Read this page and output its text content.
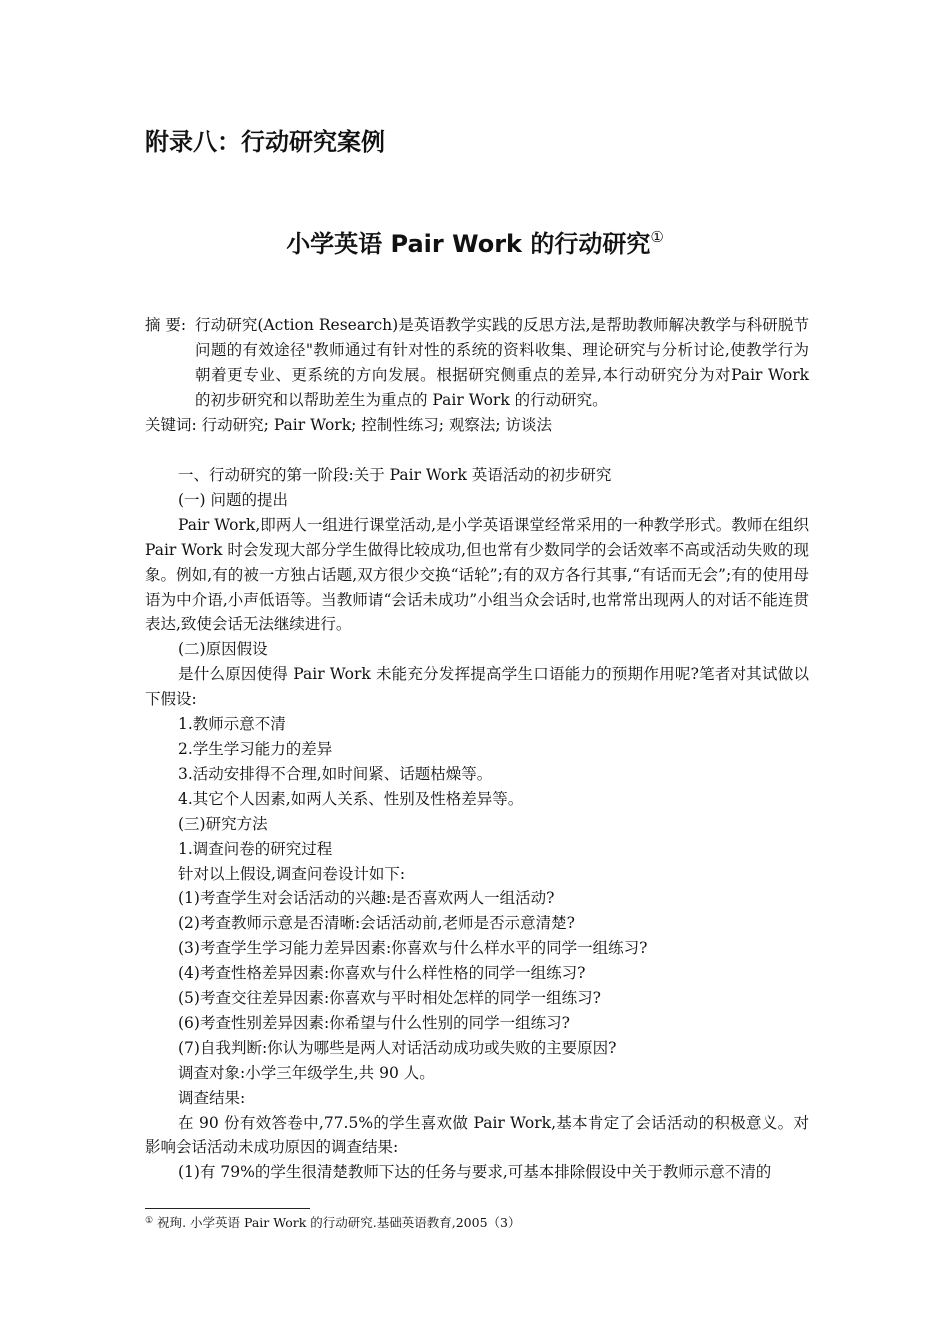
附录八：行动研究案例
小学英语 Pair Work 的行动研究①
摘 要: 行动研究(Action Research)是英语教学实践的反思方法,是帮助教师解决教学与科研脱节问题的有效途径"教师通过有针对性的系统的资料收集、理论研究与分析讨论,使教学行为朝着更专业、更系统的方向发展。根据研究侧重点的差异,本行动研究分为对Pair Work 的初步研究和以帮助差生为重点的 Pair Work 的行动研究。
关键词: 行动研究; Pair Work; 控制性练习; 观察法; 访谈法

一、行动研究的第一阶段:关于 Pair Work 英语活动的初步研究

(一) 问题的提出

Pair Work,即两人一组进行课堂活动,是小学英语课堂经常采用的一种教学形式。教师在组织 Pair Work 时会发现大部分学生做得比较成功,但也常有少数同学的会话效率不高或活动失败的现象。例如,有的被一方独占话题,双方很少交换“话轮”;有的双方各行其事,“有话而无会”;有的使用母语为中介语,小声低语等。当教师请“会话未成功”小组当众会话时,也常常出现两人的对话不能连贯表达,致使会话无法继续进行。

(二)原因假设

是什么原因使得 Pair Work 未能充分发挥提高学生口语能力的预期作用呢?笔者对其试做以下假设:

1.教师示意不清

2.学生学习能力的差异

3.活动安排得不合理,如时间紧、话题枯燥等。

4.其它个人因素,如两人关系、性别及性格差异等。

(三)研究方法

1.调查问卷的研究过程

针对以上假设,调查问卷设计如下:

(1)考查学生对会话活动的兴趣:是否喜欢两人一组活动?

(2)考查教师示意是否清晰:会话活动前,老师是否示意清楚?

(3)考查学生学习能力差异因素:你喜欢与什么样水平的同学一组练习?

(4)考查性格差异因素:你喜欢与什么样性格的同学一组练习?

(5)考查交往差异因素:你喜欢与平时相处怎样的同学一组练习?

(6)考查性别差异因素:你希望与什么性别的同学一组练习?

(7)自我判断:你认为哪些是两人对话活动成功或失败的主要原因?

调查对象:小学三年级学生,共 90 人。

调查结果:

在 90 份有效答卷中,77.5%的学生喜欢做 Pair Work,基本肯定了会话活动的积极意义。对影响会话活动未成功原因的调查结果:

(1)有 79%的学生很清楚教师下达的任务与要求,可基本排除假设中关于教师示意不清的

① 祝珣. 小学英语 Pair Work 的行动研究.基础英语教育,2005（3）
